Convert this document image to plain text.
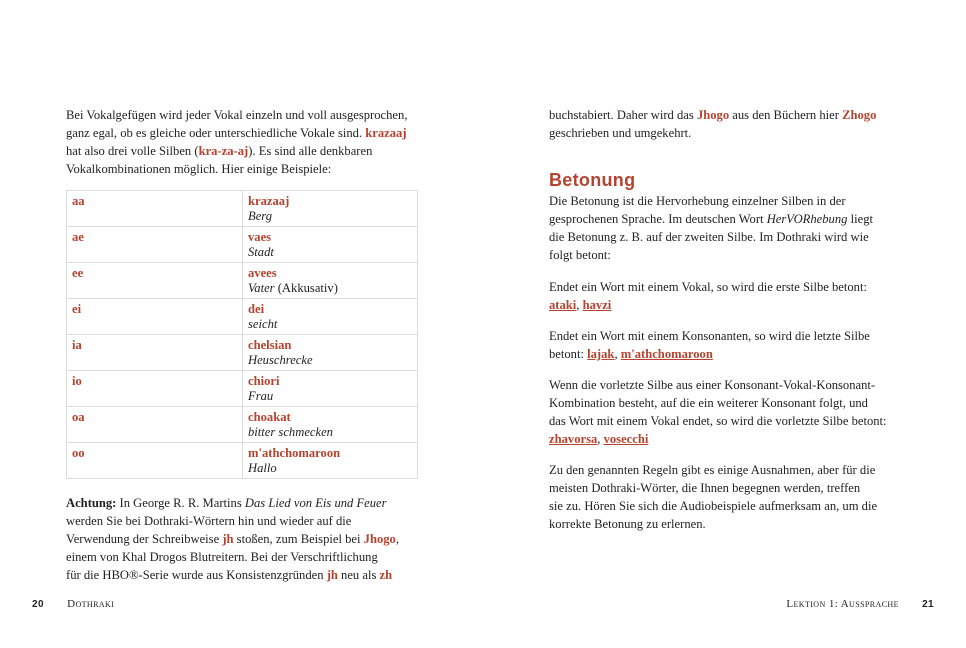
Bei Vokalgefügen wird jeder Vokal einzeln und voll ausgesprochen,
ganz egal, ob es gleiche oder unterschiedliche Vokale sind. krazaaj
hat also drei volle Silben (kra-za-aj). Es sind alle denkbaren
Vokalkombinationen möglich. Hier einige Beispiele:
aa	krazaaj
Berg
ae	vaes
Stadt
ee	avees
Vater (Akkusativ)
ei	dei
seicht
ia	chelsian
Heuschrecke
io	chiori
Frau
oa	choakat
bitter schmecken
oo	m'athchomaroon
Hallo
Achtung: In George R. R. Martins Das Lied von Eis und Feuer
werden Sie bei Dothraki-Wörtern hin und wieder auf die
Verwendung der Schreibweise jh stoßen, zum Beispiel bei Jhogo,
einem von Khal Drogos Blutreitern. Bei der Verschriftlichung
für die HBO®-Serie wurde aus Konsistenzgründen jh neu als zh
20 Dothraki
buchstabiert. Daher wird das Jhogo aus den Büchern hier Zhogo
geschrieben und umgekehrt.
Betonung
Die Betonung ist die Hervorhebung einzelner Silben in der
gesprochenen Sprache. Im deutschen Wort HerVORhebung liegt
die Betonung z. B. auf der zweiten Silbe. Im Dothraki wird wie
folgt betont:
Endet ein Wort mit einem Vokal, so wird die erste Silbe betont:
ataki, havzi
Endet ein Wort mit einem Konsonanten, so wird die letzte Silbe
betont: lajak, m'athchomaroon
Wenn die vorletzte Silbe aus einer Konsonant-Vokal-Konsonant-
Kombination besteht, auf die ein weiterer Konsonant folgt, und
das Wort mit einem Vokal endet, so wird die vorletzte Silbe betont:
zhavorsa, vosecchi
Zu den genannten Regeln gibt es einige Ausnahmen, aber für die
meisten Dothraki-Wörter, die Ihnen begegnen werden, treffen
sie zu. Hören Sie sich die Audiobeispiele aufmerksam an, um die
korrekte Betonung zu erlernen.
Lektion 1: Aussprache 21
